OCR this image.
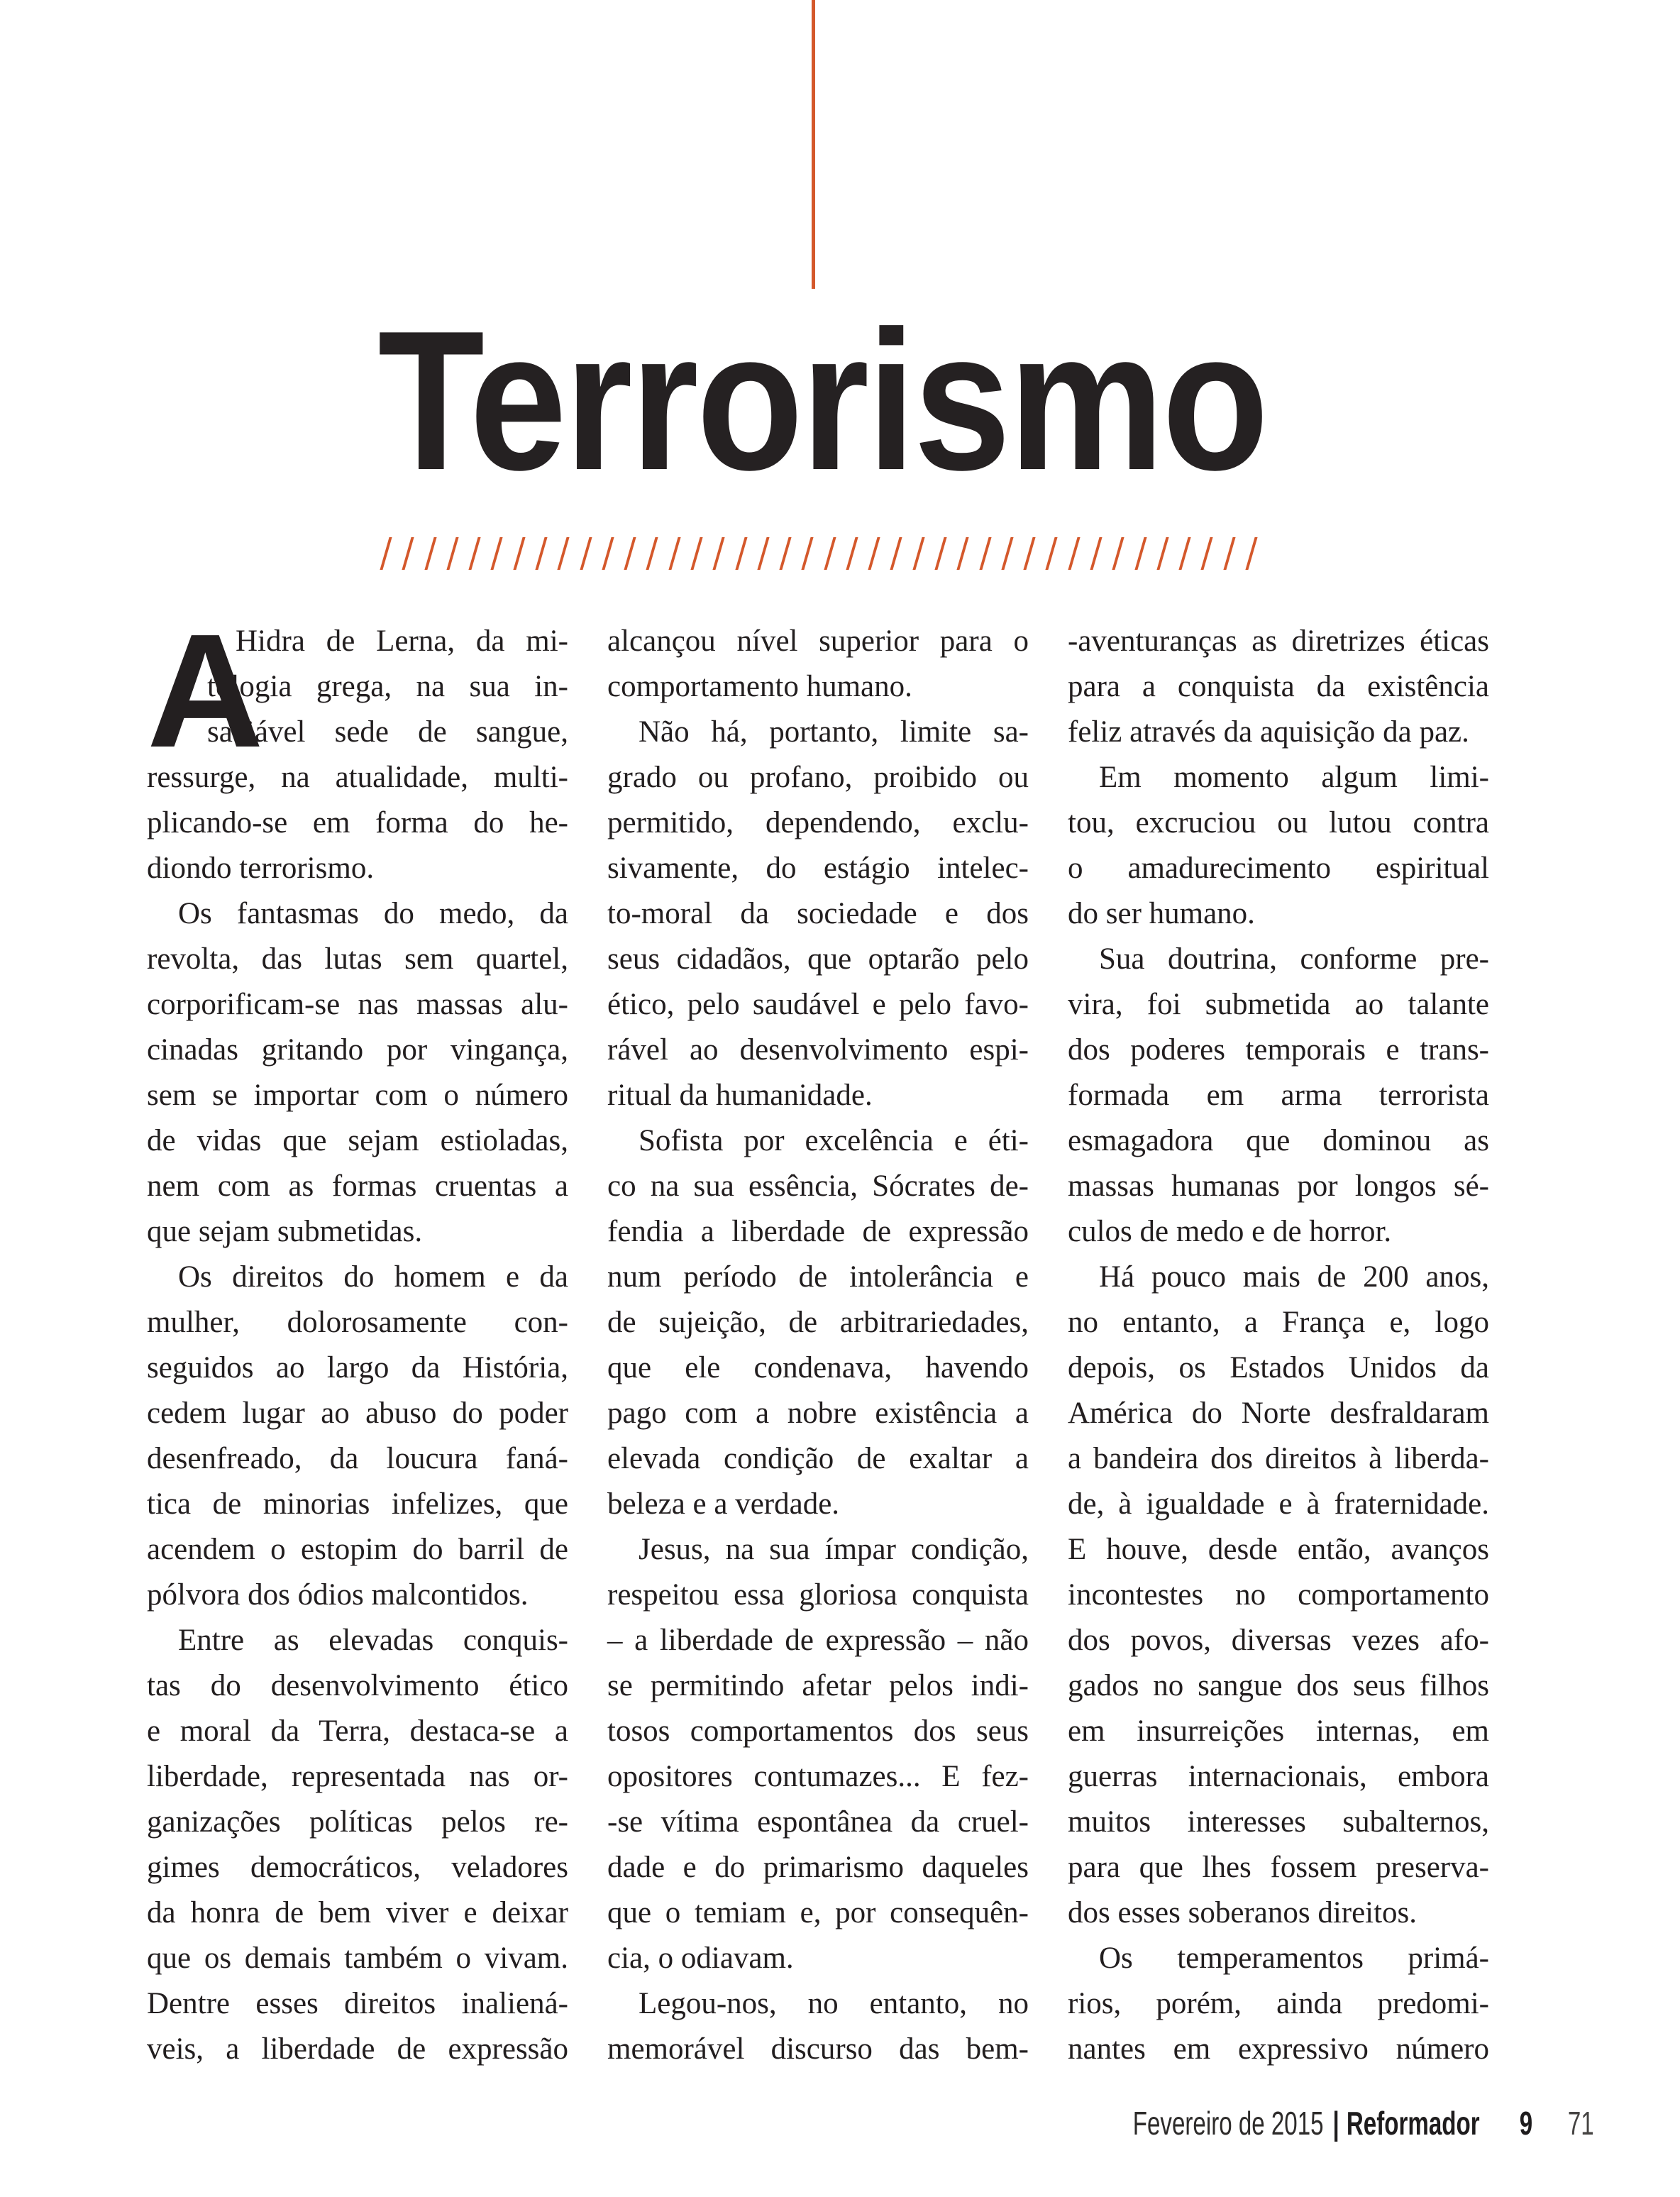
Terrorismo
A
Hidra de Lerna, da mi-
tologia grega, na sua in-
saciável sede de sangue,
ressurge, na atualidade, multi-
plicando-se em forma do he-
diondo terrorismo.
Os fantasmas do medo, da
revolta, das lutas sem quartel,
corporificam-se nas massas alu-
cinadas gritando por vingança,
sem se importar com o número
de vidas que sejam estioladas,
nem com as formas cruentas a
que sejam submetidas.
Os direitos do homem e da
mulher, dolorosamente con-
seguidos ao largo da História,
cedem lugar ao abuso do poder
desenfreado, da loucura faná-
tica de minorias infelizes, que
acendem o estopim do barril de
pólvora dos ódios malcontidos.
Entre as elevadas conquis-
tas do desenvolvimento ético
e moral da Terra, destaca-se a
liberdade, representada nas or-
ganizações políticas pelos re-
gimes democráticos, veladores
da honra de bem viver e deixar
que os demais também o vivam.
Dentre esses direitos inaliená-
veis, a liberdade de expressão
alcançou nível superior para o
comportamento humano.
Não há, portanto, limite sa-
grado ou profano, proibido ou
permitido, dependendo, exclu-
sivamente, do estágio intelec-
to-moral da sociedade e dos
seus cidadãos, que optarão pelo
ético, pelo saudável e pelo favo-
rável ao desenvolvimento espi-
ritual da humanidade.
Sofista por excelência e éti-
co na sua essência, Sócrates de-
fendia a liberdade de expressão
num período de intolerância e
de sujeição, de arbitrariedades,
que ele condenava, havendo
pago com a nobre existência a
elevada condição de exaltar a
beleza e a verdade.
Jesus, na sua ímpar condição,
respeitou essa gloriosa conquista
– a liberdade de expressão – não
se permitindo afetar pelos indi-
tosos comportamentos dos seus
opositores contumazes... E fez-
-se vítima espontânea da cruel-
dade e do primarismo daqueles
que o temiam e, por consequên-
cia, o odiavam.
Legou-nos, no entanto, no
memorável discurso das bem-
-aventuranças as diretrizes éticas
para a conquista da existência
feliz através da aquisição da paz.
Em momento algum limi-
tou, excruciou ou lutou contra
o amadurecimento espiritual
do ser humano.
Sua doutrina, conforme pre-
vira, foi submetida ao talante
dos poderes temporais e trans-
formada em arma terrorista
esmagadora que dominou as
massas humanas por longos sé-
culos de medo e de horror.
Há pouco mais de 200 anos,
no entanto, a França e, logo
depois, os Estados Unidos da
América do Norte desfraldaram
a bandeira dos direitos à liberda-
de, à igualdade e à fraternidade.
E houve, desde então, avanços
incontestes no comportamento
dos povos, diversas vezes afo-
gados no sangue dos seus filhos
em insurreições internas, em
guerras internacionais, embora
muitos interesses subalternos,
para que lhes fossem preserva-
dos esses soberanos direitos.
Os temperamentos primá-
rios, porém, ainda predomi-
nantes em expressivo número
Fevereiro de 2015 | Reformador 9 71
